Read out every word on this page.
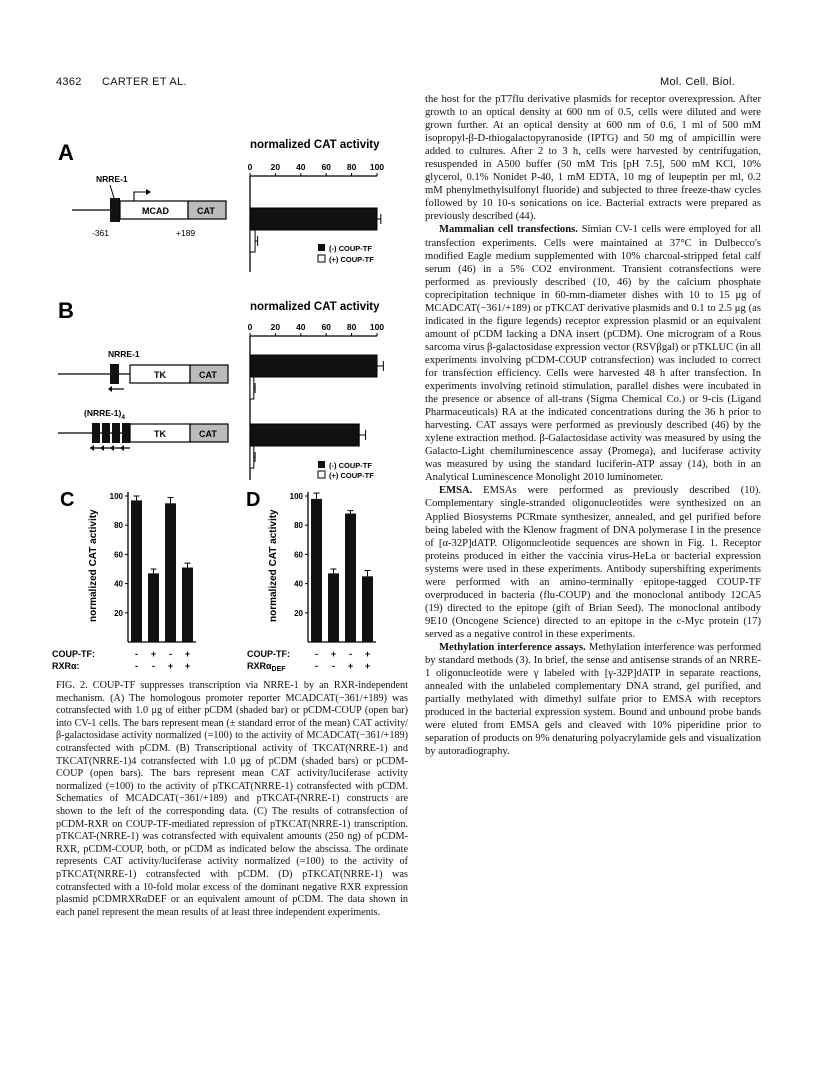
4362 CARTER ET AL.	Mol. Cell. Biol.
A	normalized CAT activity
0 20 40 60 80 100
MCAD	CAT
NRRE-1
-361	+189
(-) COUP-TF
(+) COUP-TF
B	normalized CAT activity
0 20 40 60 80 100
NRRE-1
TK	CAT
$(NRRE-1)_4$
TK	CAT
(-) COUP-TF
(+) COUP-TF
C	D
normalized CAT activity	normalized CAT activity
100
80
60
40
20
100
80
60
40
20
COUP-TF:
RXRα:
- + - +
- - + +
COUP-TF:
RXRα$_{DEF}$
- + - +
- - + +
FIG. 2. COUP-TF suppresses transcription via NRRE-1 by an RXR-independent mechanism. (A) The homologous promoter reporter MCADCAT(−361/+189) was cotransfected with 1.0 μg of either pCDM (shaded bar) or pCDM-COUP (open bar) into CV-1 cells. The bars represent mean (± standard error of the mean) CAT activity/β-galactosidase activity normalized (=100) to the activity of MCADCAT(−361/+189) cotransfected with pCDM. (B) Transcriptional activity of TKCAT(NRRE-1) and TKCAT(NRRE-1)4 cotransfected with 1.0 μg of pCDM (shaded bars) or pCDM-COUP (open bars). The bars represent mean CAT activity/luciferase activity normalized (=100) to the activity of pTKCAT(NRRE-1) cotransfected with pCDM. Schematics of MCADCAT(−361/+189) and pTKCAT-(NRRE-1) constructs are shown to the left of the corresponding data. (C) The results of cotransfection of pCDM-RXR on COUP-TF-mediated repression of pTKCAT(NRRE-1) transcription. pTKCAT-(NRRE-1) was cotransfected with equivalent amounts (250 ng) of pCDM-RXR, pCDM-COUP, both, or pCDM as indicated below the abscissa. The ordinate represents CAT activity/luciferase activity normalized (=100) to the activity of pTKCAT(NRRE-1) cotransfected with pCDM. (D) pTKCAT(NRRE-1) was cotransfected with a 10-fold molar excess of the dominant negative RXR expression plasmid pCDMRXRαDEF or an equivalent amount of pCDM. The data shown in each panel represent the mean results of at least three independent experiments.

the host for the pT7flu derivative plasmids for receptor overexpression. After growth to an optical density at 600 nm of 0.5, cells were diluted and were grown further. At an optical density at 600 nm of 0.6, 1 ml of 500 mM isopropyl-β-D-thiogalactopyranoside (IPTG) and 50 mg of ampicillin were added to cultures. After 2 to 3 h, cells were harvested by centrifugation, resuspended in A500 buffer (50 mM Tris [pH 7.5], 500 mM KCl, 10% glycerol, 0.1% Nonidet P-40, 1 mM EDTA, 10 mg of leupeptin per ml, 0.2 mM phenylmethylsulfonyl fluoride) and subjected to three freeze-thaw cycles followed by 10 10-s sonications on ice. Bacterial extracts were prepared as previously described (44).

Mammalian cell transfections. Simian CV-1 cells were employed for all transfection experiments. Cells were maintained at 37°C in Dulbecco's modified Eagle medium supplemented with 10% charcoal-stripped fetal calf serum (46) in a 5% CO2 environment. Transient cotransfections were performed as previously described (10, 46) by the calcium phosphate coprecipitation technique in 60-mm-diameter dishes with 10 to 15 μg of MCADCAT(−361/+189) or pTKCAT derivative plasmids and 0.1 to 2.5 μg (as indicated in the figure legends) receptor expression plasmid or an equivalent amount of pCDM lacking a DNA insert (pCDM). One microgram of a Rous sarcoma virus β-galactosidase expression vector (RSVβgal) or pTKLUC (in all experiments involving pCDM-COUP cotransfection) was included to correct for transfection efficiency. Cells were harvested 48 h after transfection. In experiments involving retinoid stimulation, parallel dishes were incubated in the presence or absence of all-trans (Sigma Chemical Co.) or 9-cis (Ligand Pharmaceuticals) RA at the indicated concentrations during the 36 h prior to harvesting. CAT assays were performed as previously described (46) by the xylene extraction method. β-Galactosidase activity was measured by using the Galacto-Light chemiluminescence assay (Promega), and luciferase activity was measured by using the standard luciferin-ATP assay (14), both in an Analytical Luminescence Monolight 2010 luminometer.

EMSA. EMSAs were performed as previously described (10). Complementary single-stranded oligonucleotides were synthesized on an Applied Biosystems PCRmate synthesizer, annealed, and gel purified before being labeled with the Klenow fragment of DNA polymerase I in the presence of [α-32P]dATP. Oligonucleotide sequences are shown in Fig. 1. Receptor proteins produced in either the vaccinia virus-HeLa or bacterial expression systems were used in these experiments. Antibody supershifting experiments were performed with an amino-terminally epitope-tagged COUP-TF overproduced in bacteria (flu-COUP) and the monoclonal antibody 12CA5 (19) directed to the epitope (gift of Brian Seed). The monoclonal antibody 9E10 (Oncogene Science) directed to an epitope in the c-Myc protein (17) served as a negative control in these experiments.

Methylation interference assays. Methylation interference was performed by standard methods (3). In brief, the sense and antisense strands of an NRRE-1 oligonucleotide were γ labeled with [γ-32P]dATP in separate reactions, annealed with the unlabeled complementary DNA strand, gel purified, and partially methylated with dimethyl sulfate prior to EMSA with receptors produced in the bacterial expression system. Bound and unbound probe bands were eluted from EMSA gels and cleaved with 10% piperidine prior to separation of products on 9% denaturing polyacrylamide gels and visualization by autoradiography.
